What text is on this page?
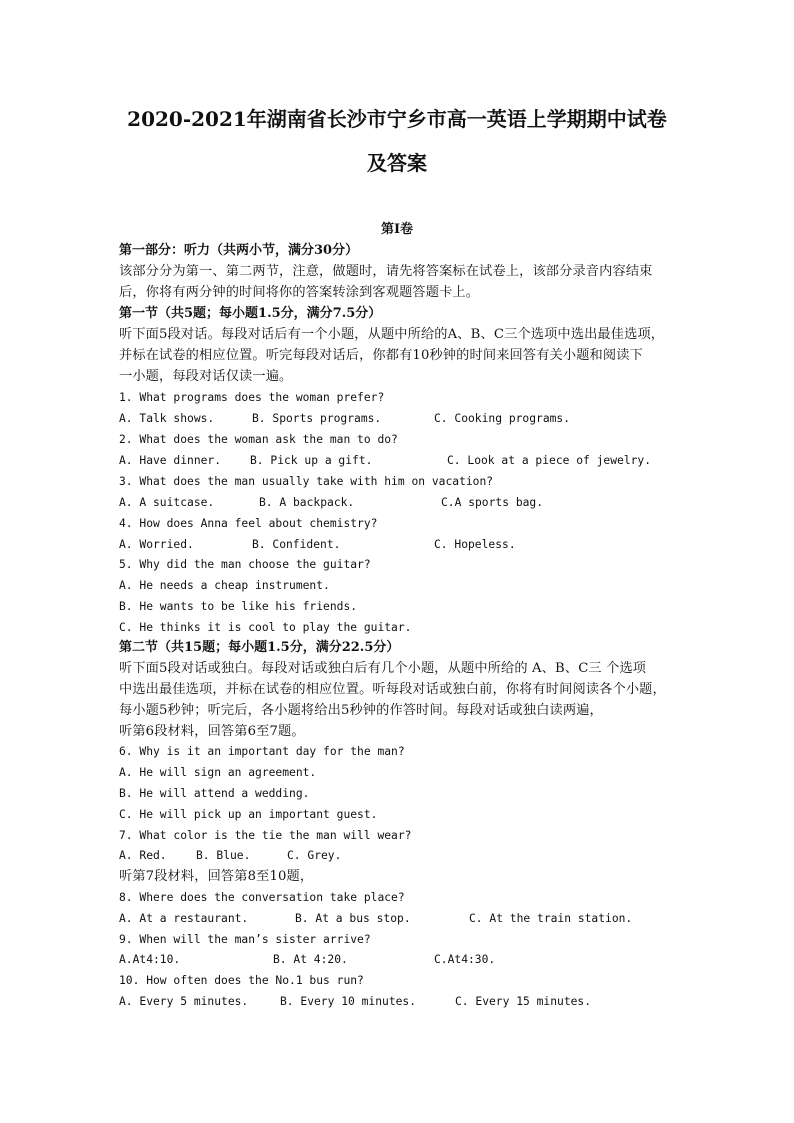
2020-2021年湖南省长沙市宁乡市高一英语上学期期中试卷
及答案
第I卷
第一部分：听力（共两小节，满分30分）
该部分分为第一、第二两节，注意，做题时，请先将答案标在试卷上，该部分录音内容结束
后，你将有两分钟的时间将你的答案转涂到客观题答题卡上。
第一节（共5题；每小题1.5分，满分7.5分）
听下面5段对话。每段对话后有一个小题，从题中所给的A、B、C三个选项中选出最佳选项，
并标在试卷的相应位置。听完每段对话后，你都有10秒钟的时间来回答有关小题和阅读下
一小题，每段对话仅读一遍。
1. What programs does the woman prefer?
A. Talk shows.	B. Sports programs.	C. Cooking programs.
2. What does the woman ask the man to do?
A. Have dinner.	B. Pick up a gift.	C. Look at a piece of jewelry.
3. What does the man usually take with him on vacation?
A. A suitcase.	B. A backpack.	C.A sports bag.
4. How does Anna feel about chemistry?
A. Worried.	B. Confident.	C. Hopeless.
5. Why did the man choose the guitar?
A. He needs a cheap instrument.
B. He wants to be like his friends.
C. He thinks it is cool to play the guitar.
第二节（共15题；每小题1.5分，满分22.5分）
听下面5段对话或独白。每段对话或独白后有几个小题，从题中所给的 A、B、C三 个选项
中选出最佳选项，并标在试卷的相应位置。听每段对话或独白前，你将有时间阅读各个小题，
每小题5秒钟；听完后，各小题将给出5秒钟的作答时间。每段对话或独白读两遍，
听第6段材料，回答第6至7题。
6. Why is it an important day for the man?
A. He will sign an agreement.
B. He will attend a wedding.
C. He will pick up an important guest.
7. What color is the tie the man will wear?
A. Red.	B. Blue.	C. Grey.
听第7段材料，回答第8至10题，
8. Where does the conversation take place?
A. At a restaurant.	B. At a bus stop.	C. At the train station.
9. When will the man’s sister arrive?
A.At4:10.	B. At 4:20.	C.At4:30.
10. How often does the No.1 bus run?
A. Every 5 minutes.	B. Every 10 minutes.	C. Every 15 minutes.
